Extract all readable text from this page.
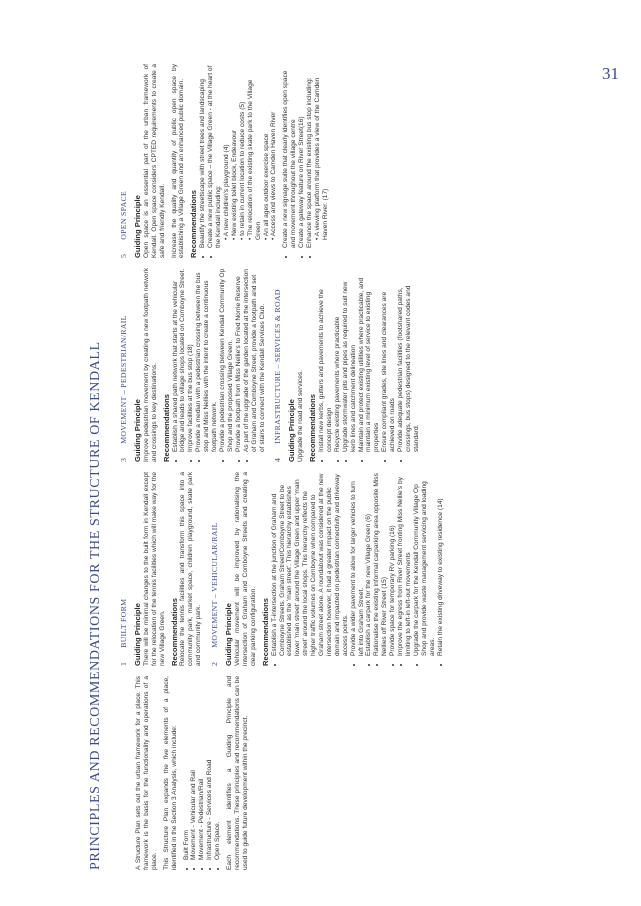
31
PRINCIPLES AND RECOMMENDATIONS FOR THE STRUCTURE OF KENDALL	A Structure Plan sets out the urban framework for a place. This framework is the basis for the functionality and operations of a place. This Structure Plan expands the five elements of a place, identified in the Section 3 Analysis, which include: • Built Form • Movement - Vehicular and Rail • Movement - Pedestrian/Rail • Infrastructure - Services and Road • Open Space. Each element identifies a Guiding Principle and recommendations. These principles and recommendations can be used to guide future development within the precinct.

1
BUILT FORM Guiding Principle There will be minimal changes to the built form in Kendall except for the relocation of the tennis facilities which will make way for the new Village Green. Recommendations Relocate the tennis facilities and transform this space into a community park, market space, children playground, skate park and community park. 2
MOVEMENT – VEHICULAR/RAIL Guiding Principle Vehicular movement will be improved by rationalising the intersection of Graham and Comboyne Streets and creating a clear parking configuration. Recommendations • Establish a T-intersection at the junction of Graham and Comboyne Streets. Graham Street/Comboyne Street to be established as the 'main street'. This hierarchy establishes lower 'main street' around the Village Green and upper 'main street' around the local shops. This hierarchy reflects the higher traffic volumes on Comboyne when compared to Graham street alone. A roundabout was considered at the new intersection however, it had a greater impact on the public domain and impacted on pedestrian connectivity and driveway access points. • Provide a wider pavement to allow for larger vehicles to turn left into Graham Street. • Establish a carpark for the new Village Green (6) • Rationalise the existing informal carparking area opposite Miss Nellies off River Street (15) • Provide space for temporary RV parking (16) • Improve the egress from River Street fronting Miss Nellie's by limiting to left-in left-out movements • Upgrade the carpark for the Kendall Community Village Op Shop and provide waste management servicing and loading areas. • Retain the existing driveway to existing residence (14)
3
MOVEMENT – PEDESTRIAN/RAIL Guiding Principle Improve pedestrian movement by creating a new footpath network and crossings to key destinations. Recommendations • Establish a shared path network that starts at the vehicular bridge and leads to village shops located on Comboyne Street. • Improve facilities at the bus stop (18) • Provide a median with a pedestrian crossing between the bus stop and Miss Nellies with the intent to create a continuous footpath network. • Provide a pedestrian crossing between Kendall Community Op Shop and the proposed Village Green. • Provide a footpath from Miss Nellie's to Fred Norrie Reserve • As part of the upgrade of the garden located at the intersection of Graham and Comboyne Street, provide a footpath and set of stairs to connect with the Kendall Services Club.
4
INFRASTRUCTURE – SERVICES & ROAD Guiding Principle Upgrade the road and services. Recommendations • Install new kerbs, gutters and pavements to achieve the concept design • Recycle existing pavements where practicable • Upgrade stormwater pits and pipes as required to suit new kerb lines and catchment delineation • Maintain and protect existing utilities where practicable, and maintain a minimum existing level of service to existing properties • Ensure compliant grades, site lines and clearances are achieved on roads • Provide adequate pedestrian facilities (footshared paths, crossings, bus stops) designed to the relevant codes and standard.
5
OPEN SPACE Guiding Principle Open space is an essential part of the urban framework of Kendall. Open space considers CPTED requirements to create a safe and friendly Kendall. Increase the quality and quantity of public open space by establishing a Village Green and an enhanced public domain. Recommendations • Beautify the streetscape with street trees and landscaping • Create a new public space – the Village Green - at the heart of the Kendall including: • A new children's playground (4) • New existing toilet block, Endeavour • to retain in current location to reduce costs (5) • The relocation of the existing skate park to the Village Green • An all ages outdoor exercise space • Access and views to Camden Haven River • Create a new signage suite that clearly identifies open space and movement throughout the village centre • Create a gateway feature on River Street(16) • Enhance the space around the existing bus stop including: • A viewing platform that provides a view of the Camden Haven River. (17)
